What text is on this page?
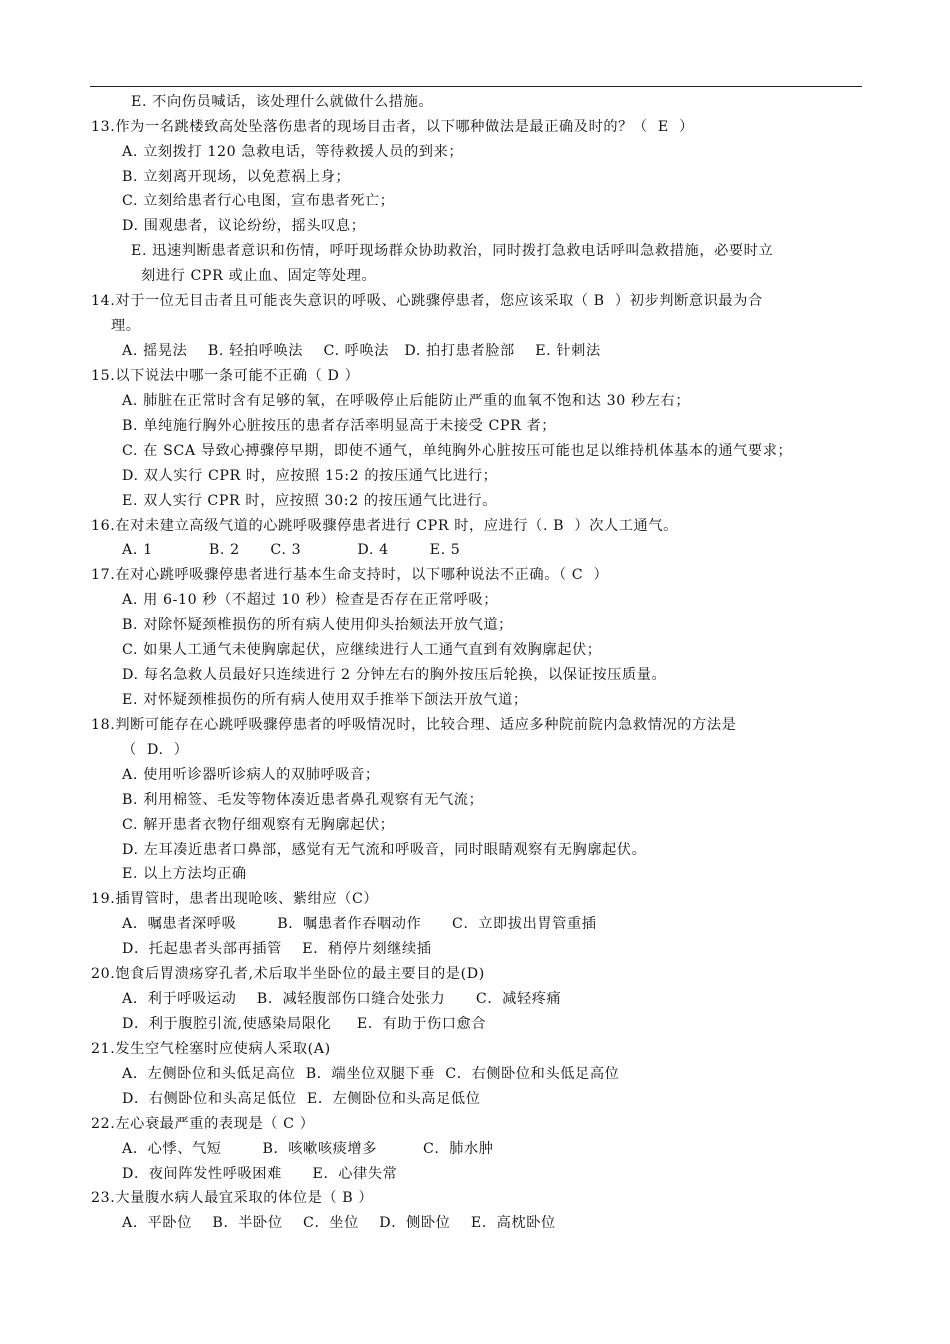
E. 不向伤员喊话，该处理什么就做什么措施。
13.作为一名跳楼致高处坠落伤患者的现场目击者，以下哪种做法是最正确及时的？（  E  ）
A. 立刻拨打 120 急救电话，等待救援人员的到来；
B. 立刻离开现场，以免惹祸上身；
C. 立刻给患者行心电图，宣布患者死亡；
D. 围观患者，议论纷纷，摇头叹息；
E. 迅速判断患者意识和伤情，呼吁现场群众协助救治，同时拨打急救电话呼叫急救措施，必要时立
刻进行 CPR 或止血、固定等处理。
14.对于一位无目击者且可能丧失意识的呼吸、心跳骤停患者，您应该采取（ B  ）初步判断意识最为合
理。
A. 摇晃法    B. 轻拍呼唤法    C. 呼唤法   D. 拍打患者脸部    E. 针刺法
15.以下说法中哪一条可能不正确（ D ）
A. 肺脏在正常时含有足够的氧，在呼吸停止后能防止严重的血氧不饱和达 30 秒左右；
B. 单纯施行胸外心脏按压的患者存活率明显高于未接受 CPR 者；
C. 在 SCA 导致心搏骤停早期，即使不通气，单纯胸外心脏按压可能也足以维持机体基本的通气要求；
D. 双人实行 CPR 时，应按照 15:2 的按压通气比进行；
E. 双人实行 CPR 时，应按照 30:2 的按压通气比进行。
16.在对未建立高级气道的心跳呼吸骤停患者进行 CPR 时，应进行（. B  ）次人工通气。
A. 1           B. 2      C. 3           D. 4        E. 5
17.在对心跳呼吸骤停患者进行基本生命支持时，以下哪种说法不正确。（ C  ）
A. 用 6-10 秒（不超过 10 秒）检查是否存在正常呼吸；
B. 对除怀疑颈椎损伤的所有病人使用仰头抬颏法开放气道；
C. 如果人工通气未使胸廓起伏，应继续进行人工通气直到有效胸廓起伏；
D. 每名急救人员最好只连续进行 2 分钟左右的胸外按压后轮换，以保证按压质量。
E. 对怀疑颈椎损伤的所有病人使用双手推举下颌法开放气道；
18.判断可能存在心跳呼吸骤停患者的呼吸情况时，比较合理、适应多种院前院内急救情况的方法是
（  D.  ）
A. 使用听诊器听诊病人的双肺呼吸音；
B. 利用棉签、毛发等物体凑近患者鼻孔观察有无气流；
C. 解开患者衣物仔细观察有无胸廓起伏；
D. 左耳凑近患者口鼻部，感觉有无气流和呼吸音，同时眼睛观察有无胸廓起伏。
E. 以上方法均正确
19.插胃管时，患者出现呛咳、紫绀应（C）
A．嘱患者深呼吸        B．嘱患者作吞咽动作      C．立即拔出胃管重插
D．托起患者头部再插管    E．稍停片刻继续插
20.饱食后胃溃疡穿孔者,术后取半坐卧位的最主要目的是(D)
A．利于呼吸运动    B．减轻腹部伤口缝合处张力      C．减轻疼痛
D．利于腹腔引流,使感染局限化     E．有助于伤口愈合
21.发生空气栓塞时应使病人采取(A)
A．左侧卧位和头低足高位  B．端坐位双腿下垂  C．右侧卧位和头低足高位
D．右侧卧位和头高足低位  E．左侧卧位和头高足低位
22.左心衰最严重的表现是（ C ）
A．心悸、气短        B．咳嗽咳痰增多         C．肺水肿
D．夜间阵发性呼吸困难      E．心律失常
23.大量腹水病人最宜采取的体位是（ B ）
A．平卧位    B．半卧位    C．坐位    D．侧卧位    E．高枕卧位
